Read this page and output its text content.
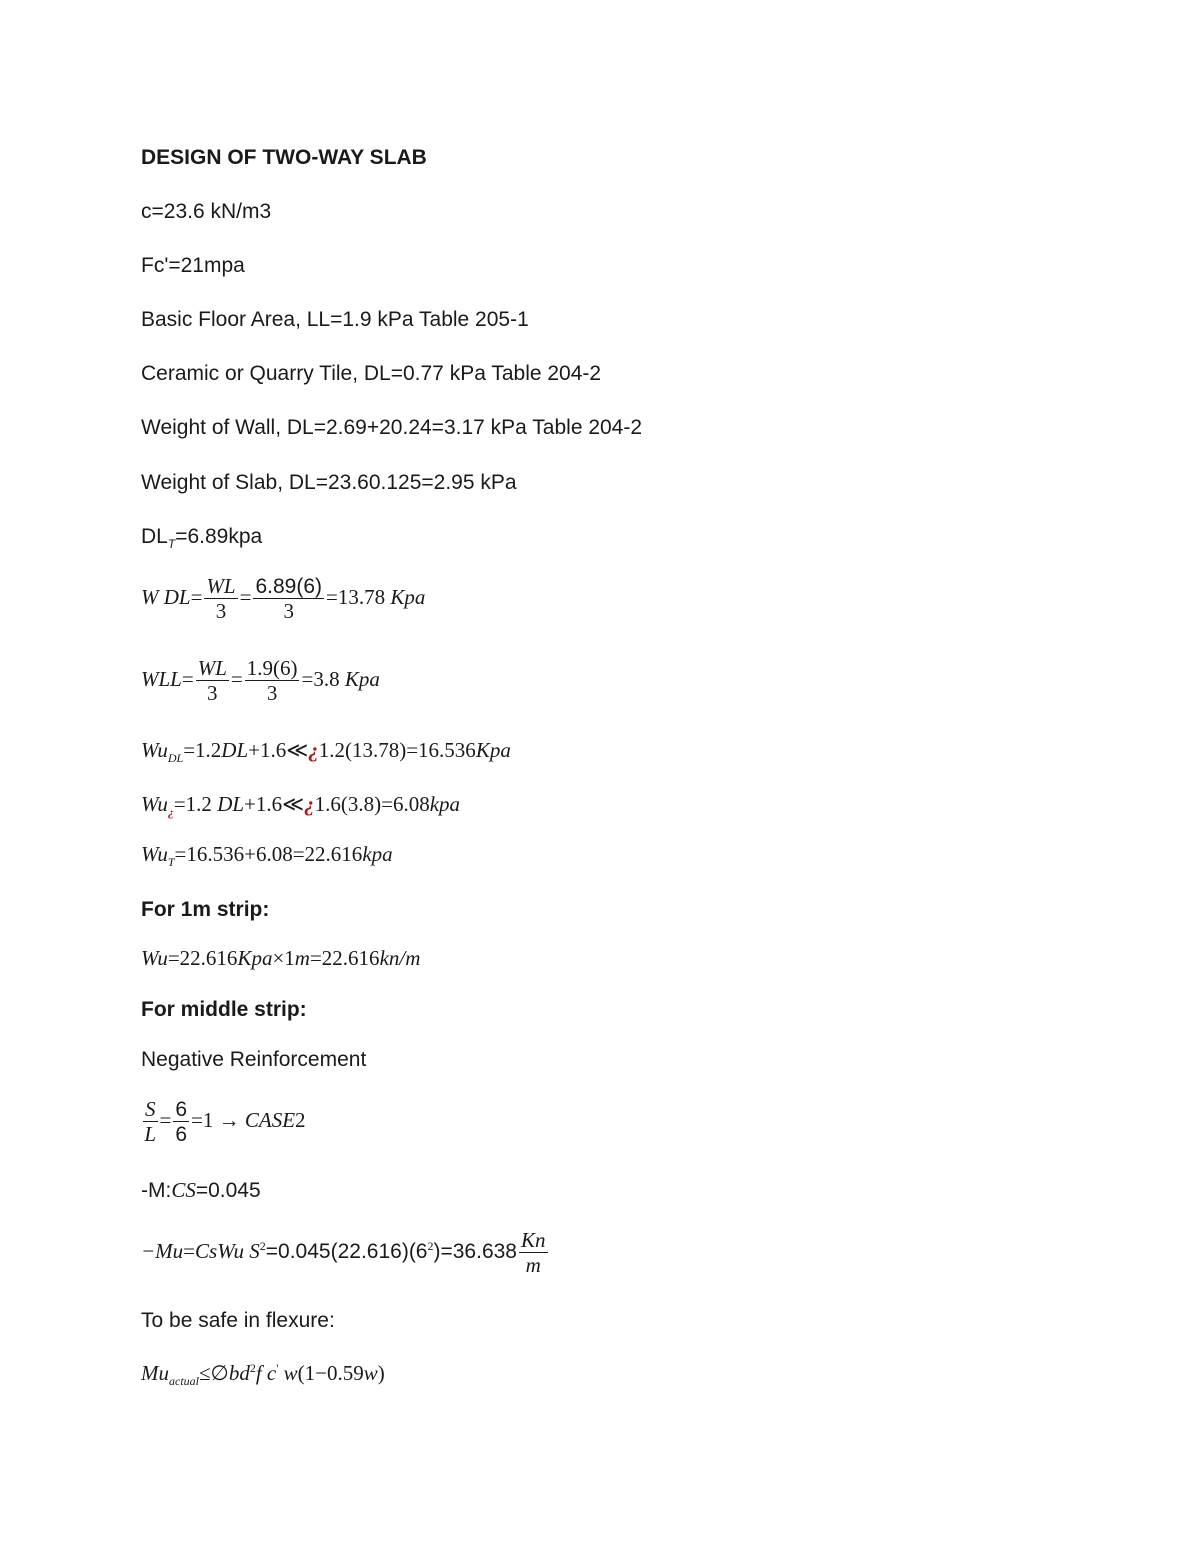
DESIGN OF TWO-WAY SLAB
c=23.6 kN/m3
Fc'=21mpa
Basic Floor Area, LL=1.9 kPa Table 205-1
Ceramic or Quarry Tile, DL=0.77 kPa Table 204-2
Weight of Wall, DL=2.69+20.24=3.17 kPa Table 204-2
Weight of Slab, DL=23.60.125=2.95 kPa
$DL_T=6.89kpa$
W $DL= \frac{WL}{3} = \frac{6.89(6)}{3} =13.78$ Kpa
$WLL= \frac{WL}{3} = \frac{1.9(6)}{3} =3.8$ Kpa
$Wu_{DL}=1.2DL+1.6≪¿1.2(13.78)=16.536Kpa$
$Wu_¿=1.2$ DL+1.6≪¿1.6(3.8)=6.08kpa
$Wu_T=16.536+6.08=22.616kpa$
For 1m strip:
Wu=22.616Kpa×1m=22.616kn/m
For middle strip:
Negative Reinforcement
$\frac{S}{L} = \frac{6}{6} =1$ → CASE2
-M:CS=0.045
−Mu=CsWu $S^2=0.045(22.616)(6^2)=36.638 \frac{Kn}{m}$
To be safe in flexure:
$Mu_{actual}\le\emptyset bd^2f$ c' w(1−0.59w)
